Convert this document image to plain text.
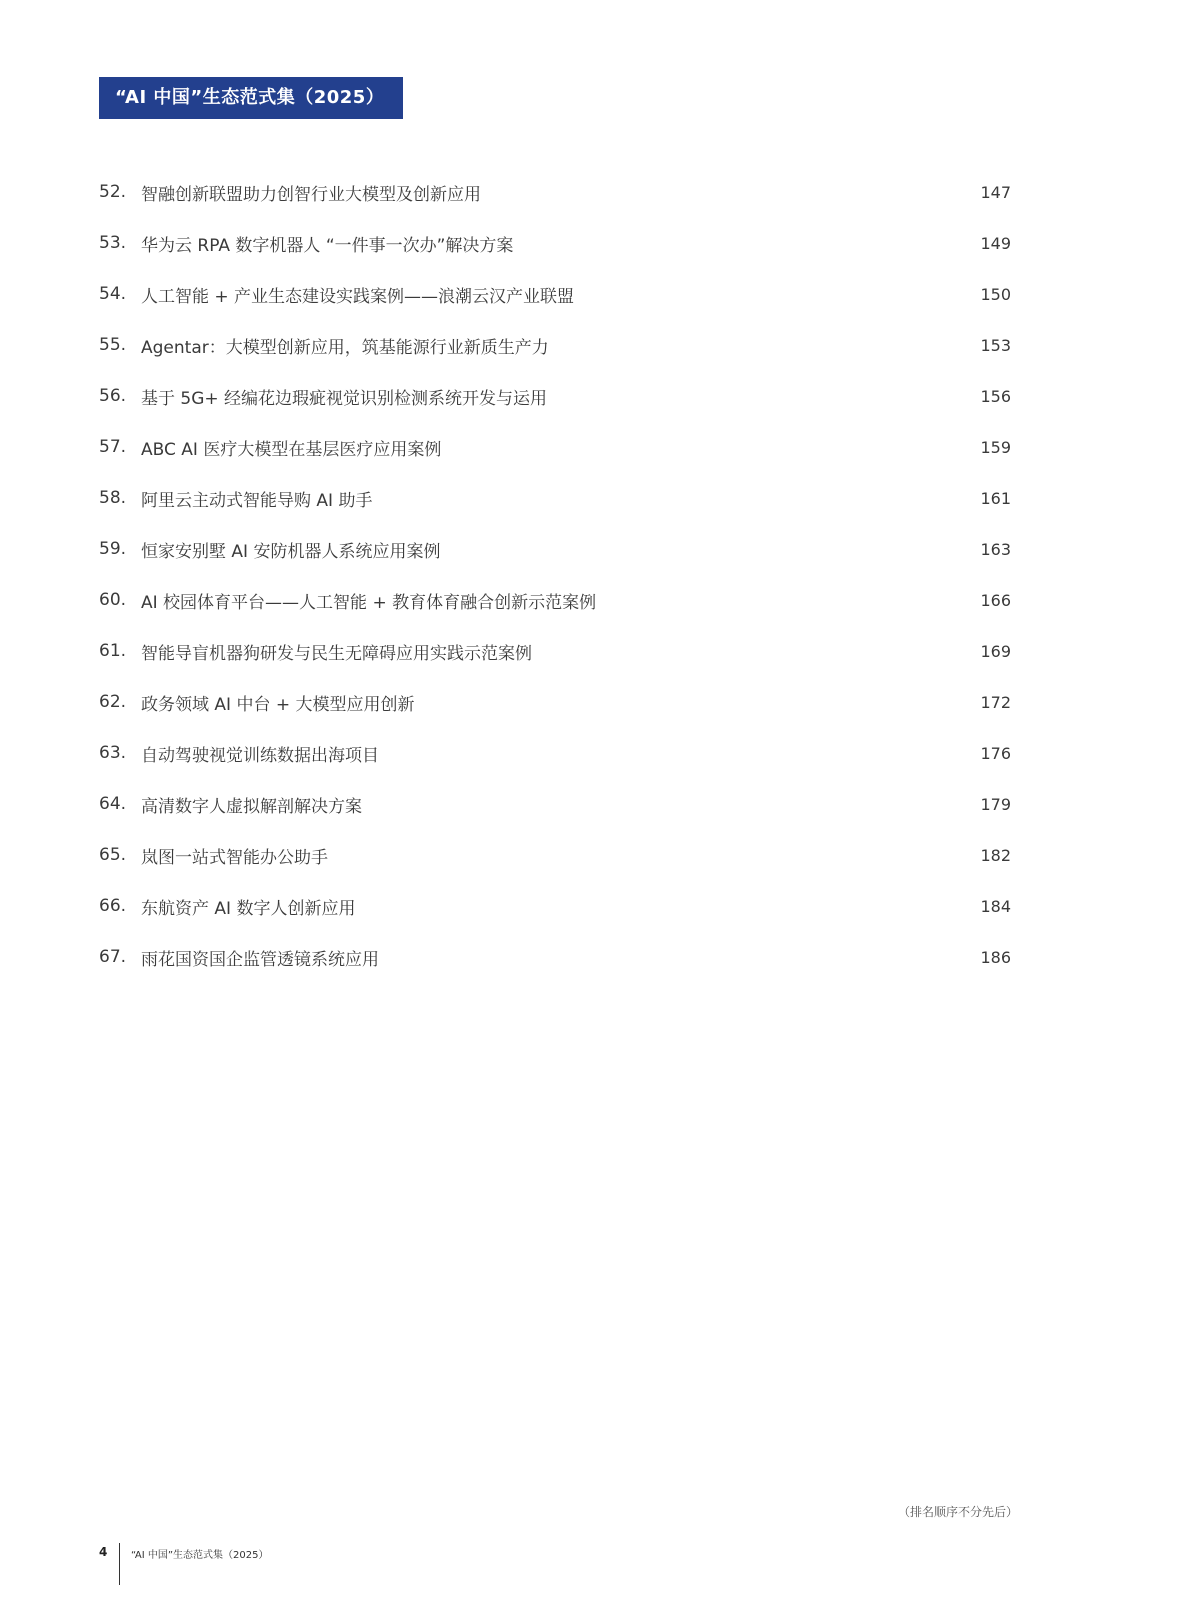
“AI 中国”生态范式集（2025）
52. 智融创新联盟助力创智行业大模型及创新应用	147
53. 华为云 RPA 数字机器人 “一件事一次办”解决方案	149
54. 人工智能 + 产业生态建设实践案例——浪潮云汉产业联盟	150
55. Agentar：大模型创新应用，筑基能源行业新质生产力	153
56. 基于 5G+ 经编花边瑕疵视觉识别检测系统开发与运用	156
57. ABC AI 医疗大模型在基层医疗应用案例	159
58. 阿里云主动式智能导购 AI 助手	161
59. 恒家安别墅 AI 安防机器人系统应用案例	163
60. AI 校园体育平台——人工智能 + 教育体育融合创新示范案例	166
61. 智能导盲机器狗研发与民生无障碍应用实践示范案例	169
62. 政务领域 AI 中台 + 大模型应用创新	172
63. 自动驾驶视觉训练数据出海项目	176
64. 高清数字人虚拟解剖解决方案	179
65. 岚图一站式智能办公助手	182
66. 东航资产 AI 数字人创新应用	184
67. 雨花国资国企监管透镜系统应用	186
（排名顺序不分先后）
4 “AI 中国”生态范式集（2025）
